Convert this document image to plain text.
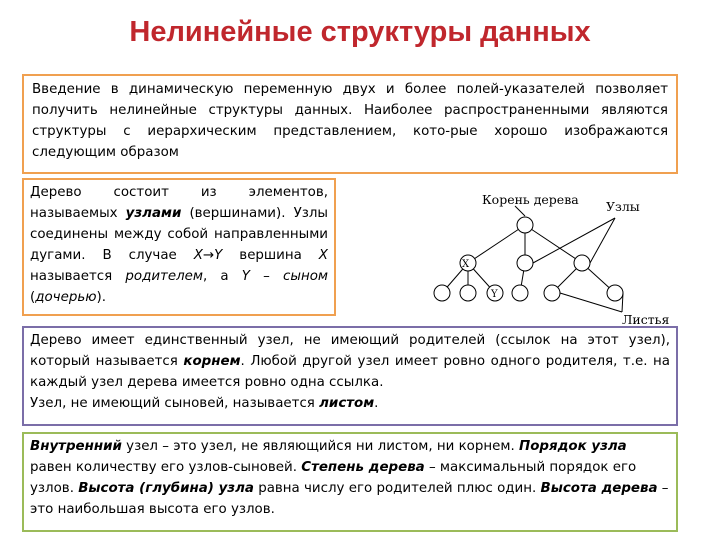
Нелинейные структуры данных
Введение в динамическую переменную двух и более полей-указателей позволяет получить нелинейные структуры данных. Наиболее распространенными являются структуры с иерархическим представлением, кото-рые хорошо изображаются следующим образом
Дерево состоит из элементов, называемых узлами (вершинами). Узлы соединены между собой направленными дугами. В случае X→Y вершина X называется родителем, а Y – сыном (дочерью).
Корень дерева Узлы
Листья
X
Y

Дерево имеет единственный узел, не имеющий родителей (ссылок на этот узел), который называется корнем. Любой другой узел имеет ровно одного родителя, т.е. на каждый узел дерева имеется ровно одна ссылка.

Узел, не имеющий сыновей, называется листом.

Внутренний узел – это узел, не являющийся ни листом, ни корнем. Порядок узла равен количеству его узлов-сыновей. Степень дерева – максимальный порядок его узлов. Высота (глубина) узла равна числу его родителей плюс один. Высота дерева – это наибольшая высота его узлов.
